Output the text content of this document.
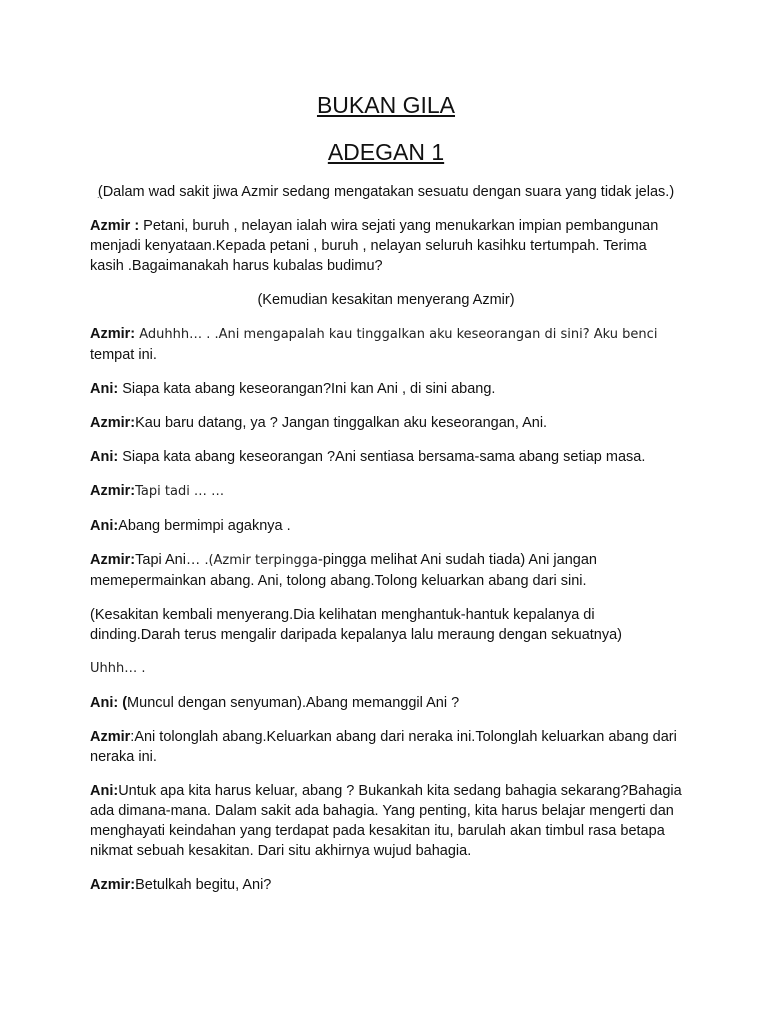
BUKAN GILA
ADEGAN 1

(Dalam wad sakit jiwa Azmir sedang mengatakan sesuatu dengan suara yang tidak jelas.)

Azmir : Petani, buruh , nelayan ialah wira sejati yang menukarkan impian pembangunan menjadi kenyataan.Kepada petani , buruh , nelayan seluruh kasihku tertumpah. Terima kasih .Bagaimanakah harus kubalas budimu?

(Kemudian kesakitan menyerang Azmir)

Azmir: Aduhhh… . .Ani mengapalah kau tinggalkan aku keseorangan di sini? Aku benci tempat ini.

Ani: Siapa kata abang keseorangan?Ini kan Ani , di sini abang.

Azmir:Kau baru datang, ya ? Jangan tinggalkan aku keseorangan, Ani.

Ani: Siapa kata abang keseorangan ?Ani sentiasa bersama-sama abang setiap masa.

Azmir:Tapi tadi … …

Ani:Abang bermimpi agaknya .

Azmir:Tapi Ani… .(Azmir terpingga-pingga melihat Ani sudah tiada) Ani jangan memepermainkan abang. Ani, tolong abang.Tolong keluarkan abang dari sini.

(Kesakitan kembali menyerang.Dia kelihatan menghantuk-hantuk kepalanya di dinding.Darah terus mengalir daripada kepalanya lalu meraung dengan sekuatnya)

Uhhh… .

Ani: (Muncul dengan senyuman).Abang memanggil Ani ?

Azmir:Ani tolonglah abang.Keluarkan abang dari neraka ini.Tolonglah keluarkan abang dari neraka ini.

Ani:Untuk apa kita harus keluar, abang ? Bukankah kita sedang bahagia sekarang?Bahagia ada dimana-mana. Dalam sakit ada bahagia. Yang penting, kita harus belajar mengerti dan menghayati keindahan yang terdapat pada kesakitan itu, barulah akan timbul rasa betapa nikmat sebuah kesakitan. Dari situ akhirnya wujud bahagia.

Azmir:Betulkah begitu, Ani?
